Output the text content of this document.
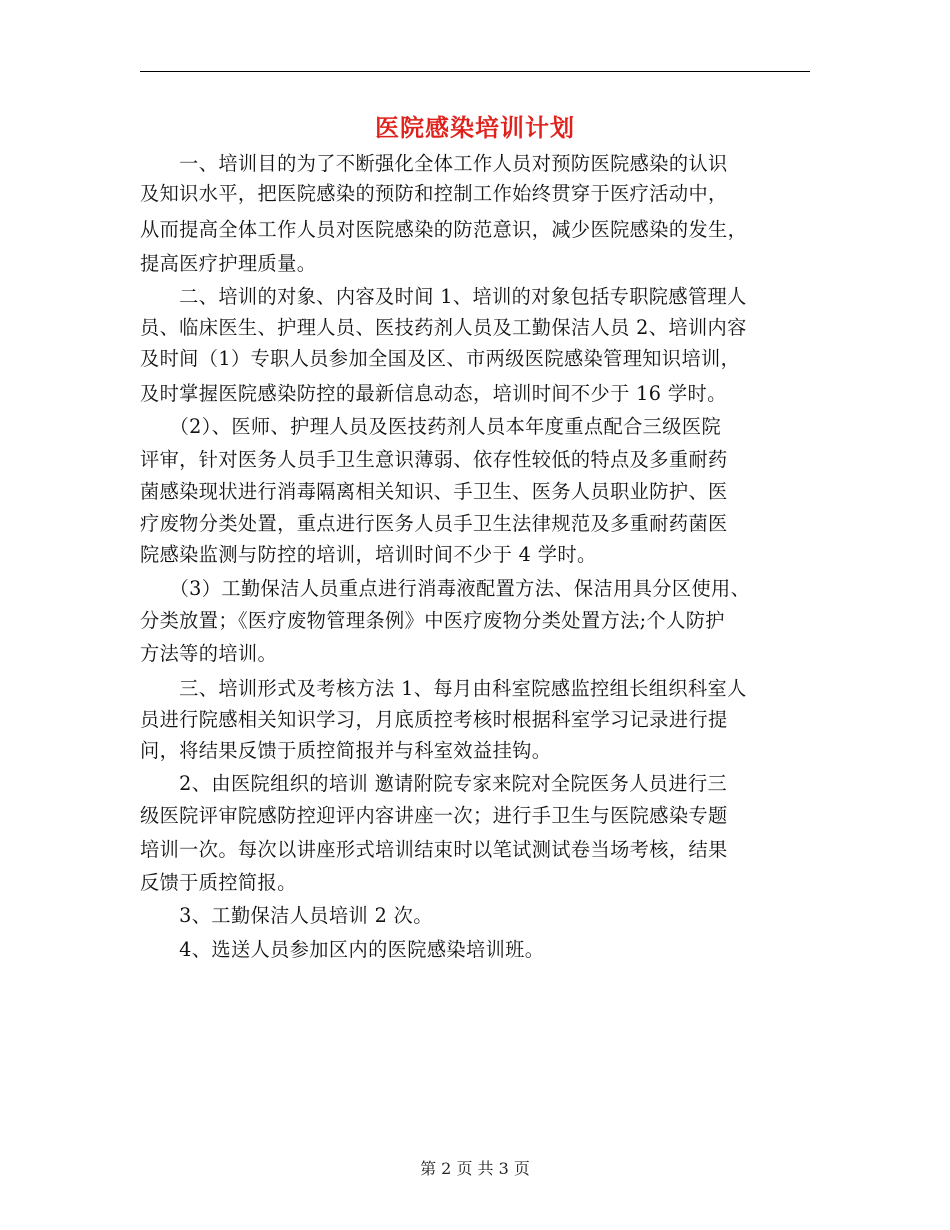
医院感染培训计划

　　一、培训目的为了不断强化全体工作人员对预防医院感染的认识

及知识水平，把医院感染的预防和控制工作始终贯穿于医疗活动中，

从而提高全体工作人员对医院感染的防范意识，减少医院感染的发生，

提高医疗护理质量。

　　二、培训的对象、内容及时间 1、培训的对象包括专职院感管理人

员、临床医生、护理人员、医技药剂人员及工勤保洁人员 2、培训内容

及时间（1）专职人员参加全国及区、市两级医院感染管理知识培训，

及时掌握医院感染防控的最新信息动态，培训时间不少于 16 学时。

　　（2）、医师、护理人员及医技药剂人员本年度重点配合三级医院

评审，针对医务人员手卫生意识薄弱、依存性较低的特点及多重耐药

菌感染现状进行消毒隔离相关知识、手卫生、医务人员职业防护、医

疗废物分类处置，重点进行医务人员手卫生法律规范及多重耐药菌医

院感染监测与防控的培训，培训时间不少于 4 学时。

　　（3）工勤保洁人员重点进行消毒液配置方法、保洁用具分区使用、

分类放置；《医疗废物管理条例》中医疗废物分类处置方法;个人防护

方法等的培训。

　　三、培训形式及考核方法 1、每月由科室院感监控组长组织科室人

员进行院感相关知识学习，月底质控考核时根据科室学习记录进行提

问，将结果反馈于质控简报并与科室效益挂钩。

　　2、由医院组织的培训 邀请附院专家来院对全院医务人员进行三

级医院评审院感防控迎评内容讲座一次；进行手卫生与医院感染专题

培训一次。每次以讲座形式培训结束时以笔试测试卷当场考核，结果

反馈于质控简报。

　　3、工勤保洁人员培训 2 次。

　　4、选送人员参加区内的医院感染培训班。

第 2 页 共 3 页
